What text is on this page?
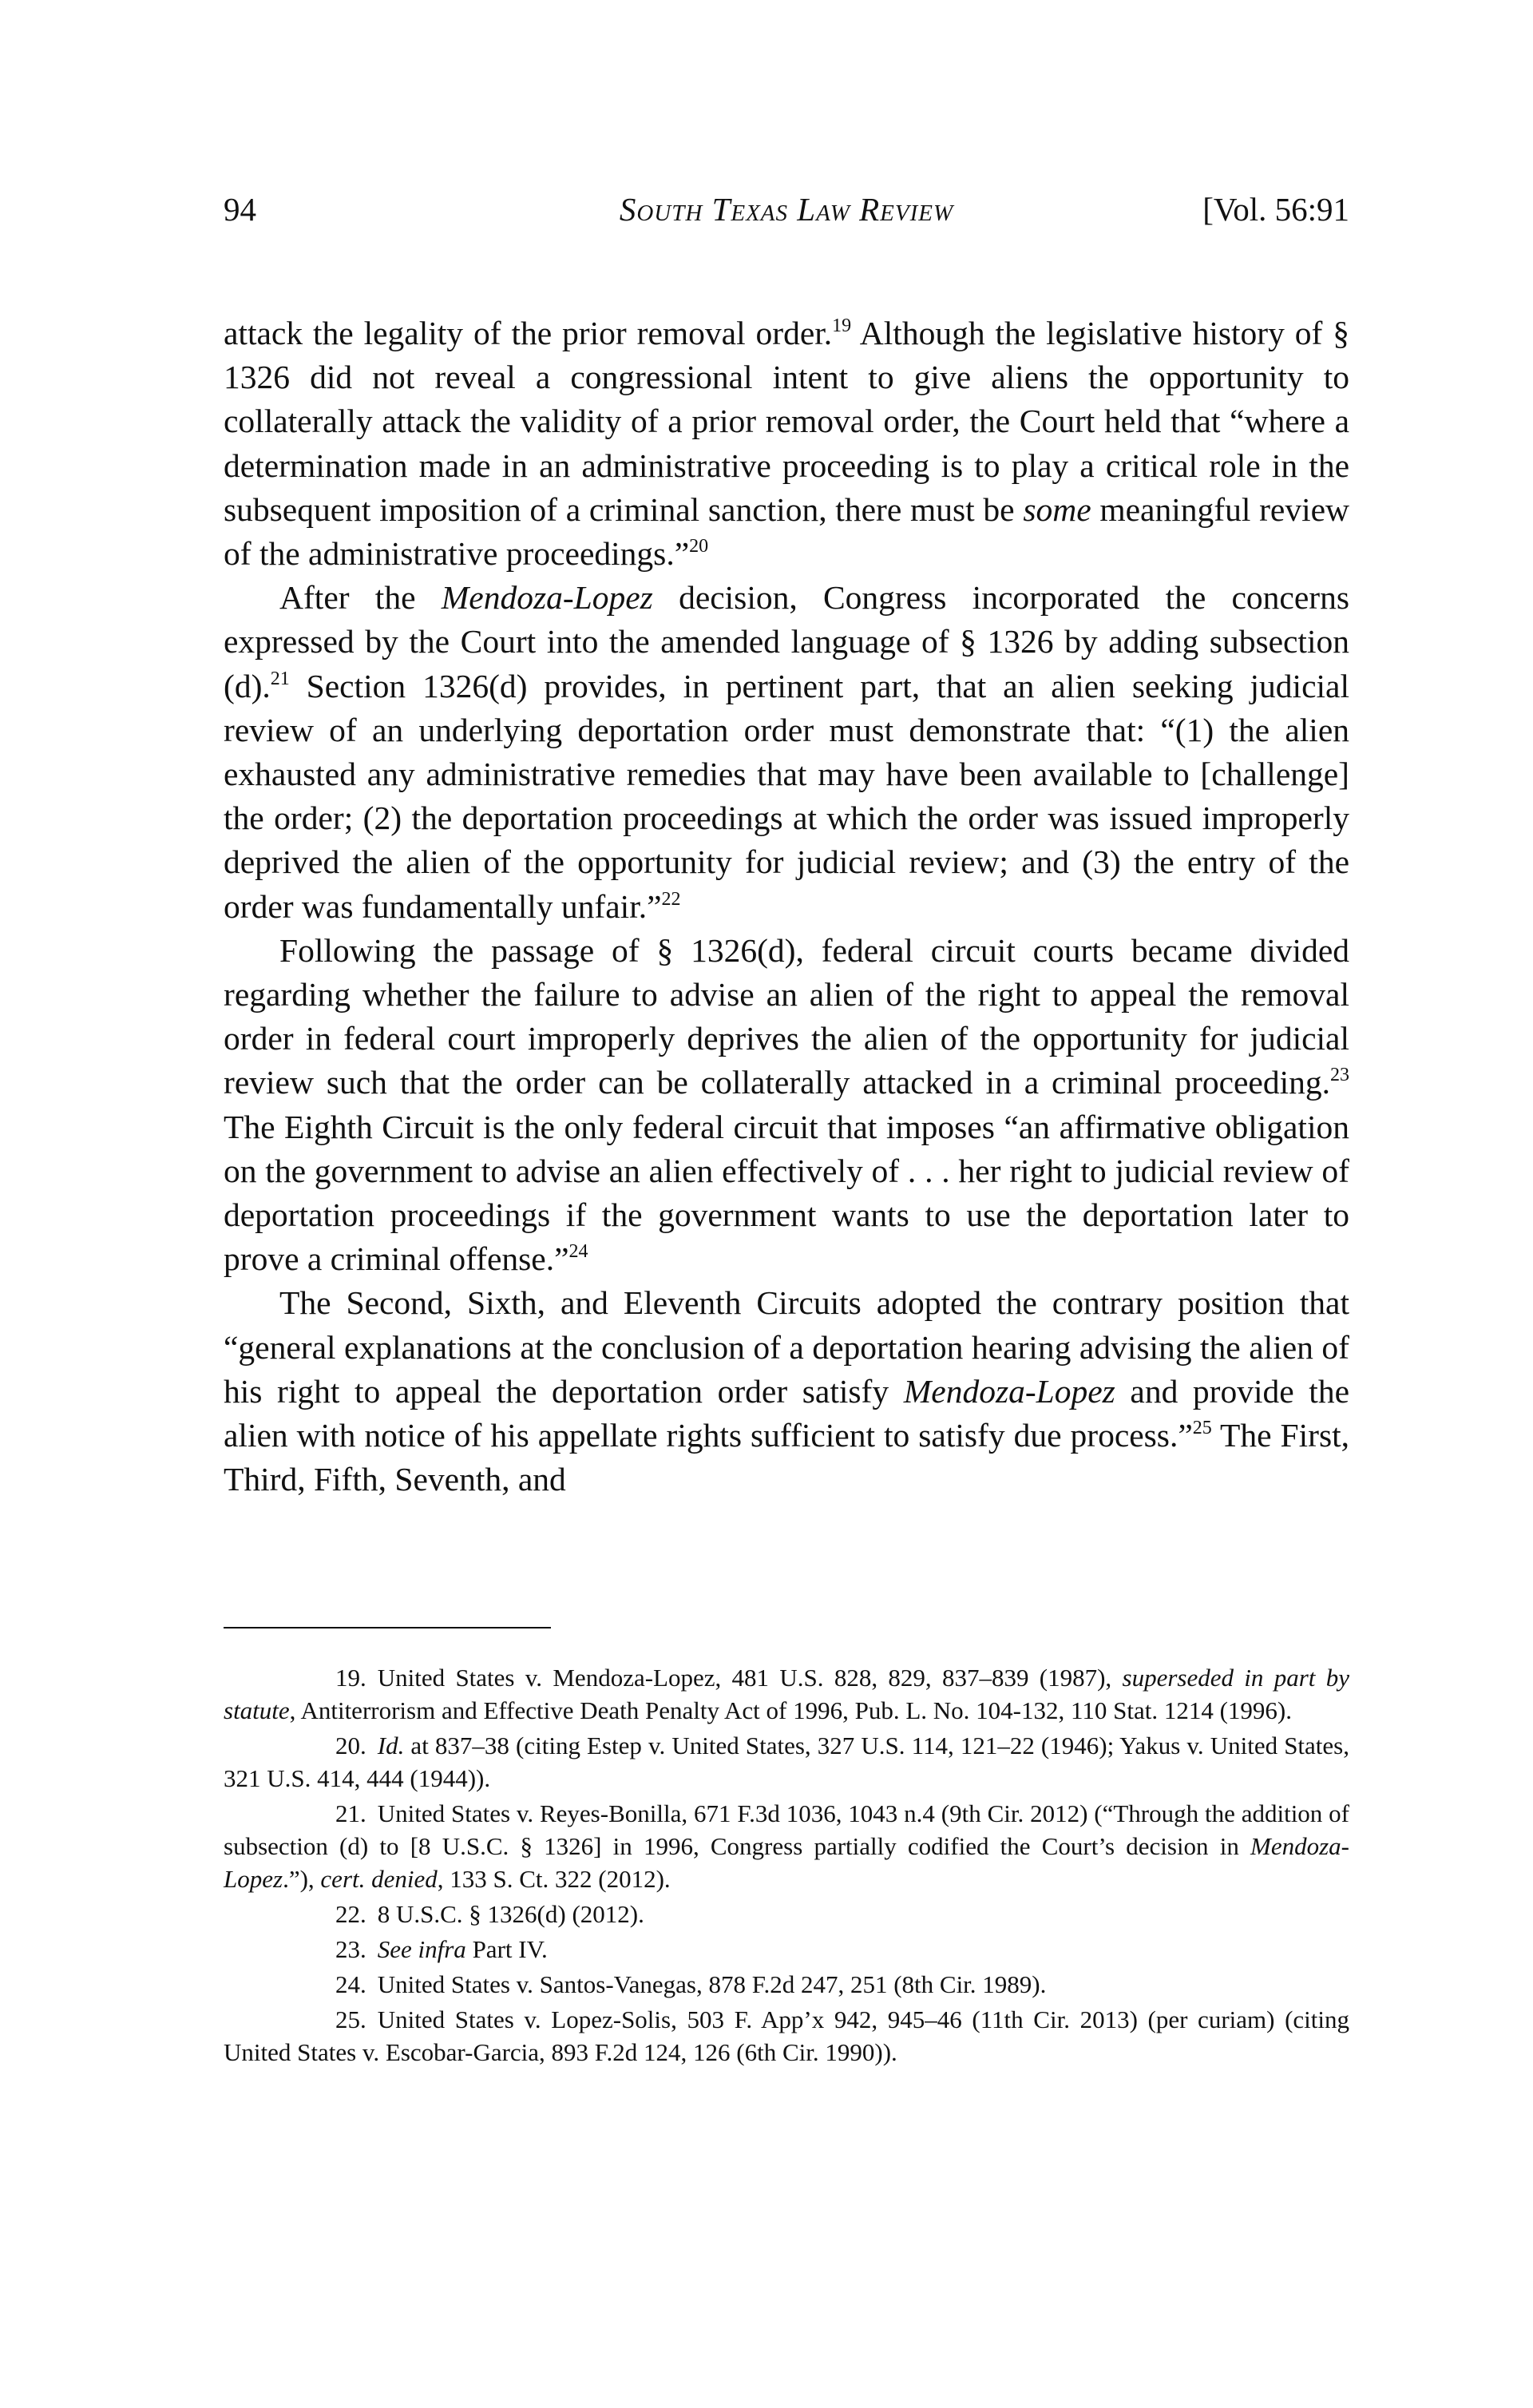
94	South Texas Law Review	[Vol. 56:91

attack the legality of the prior removal order.$^{19}$ Although the legislative history of § 1326 did not reveal a congressional intent to give aliens the opportunity to collaterally attack the validity of a prior removal order, the Court held that “where a determination made in an administrative proceeding is to play a critical role in the subsequent imposition of a criminal sanction, there must be some meaningful review of the administrative proceedings.”$^{20}$

After the Mendoza-Lopez decision, Congress incorporated the concerns expressed by the Court into the amended language of § 1326 by adding subsection (d).$^{21}$ Section 1326(d) provides, in pertinent part, that an alien seeking judicial review of an underlying deportation order must demonstrate that: “(1) the alien exhausted any administrative remedies that may have been available to [challenge] the order; (2) the deportation proceedings at which the order was issued improperly deprived the alien of the opportunity for judicial review; and (3) the entry of the order was fundamentally unfair.”$^{22}$

Following the passage of § 1326(d), federal circuit courts became divided regarding whether the failure to advise an alien of the right to appeal the removal order in federal court improperly deprives the alien of the opportunity for judicial review such that the order can be collaterally attacked in a criminal proceeding.$^{23}$ The Eighth Circuit is the only federal circuit that imposes “an affirmative obligation on the government to advise an alien effectively of . . . her right to judicial review of deportation proceedings if the government wants to use the deportation later to prove a criminal offense.”$^{24}$

The Second, Sixth, and Eleventh Circuits adopted the contrary position that “general explanations at the conclusion of a deportation hearing advising the alien of his right to appeal the deportation order satisfy Mendoza-Lopez and provide the alien with notice of his appellate rights sufficient to satisfy due process.”$^{25}$ The First, Third, Fifth, Seventh, and

19. United States v. Mendoza-Lopez, 481 U.S. 828, 829, 837–839 (1987), superseded in part by statute, Antiterrorism and Effective Death Penalty Act of 1996, Pub. L. No. 104-132, 110 Stat. 1214 (1996).

20. Id. at 837–38 (citing Estep v. United States, 327 U.S. 114, 121–22 (1946); Yakus v. United States, 321 U.S. 414, 444 (1944)).

21. United States v. Reyes-Bonilla, 671 F.3d 1036, 1043 n.4 (9th Cir. 2012) (“Through the addition of subsection (d) to [8 U.S.C. § 1326] in 1996, Congress partially codified the Court’s decision in Mendoza-Lopez.”), cert. denied, 133 S. Ct. 322 (2012).

22. 8 U.S.C. § 1326(d) (2012).

23. See infra Part IV.

24. United States v. Santos-Vanegas, 878 F.2d 247, 251 (8th Cir. 1989).

25. United States v. Lopez-Solis, 503 F. App’x 942, 945–46 (11th Cir. 2013) (per curiam) (citing United States v. Escobar-Garcia, 893 F.2d 124, 126 (6th Cir. 1990)).
